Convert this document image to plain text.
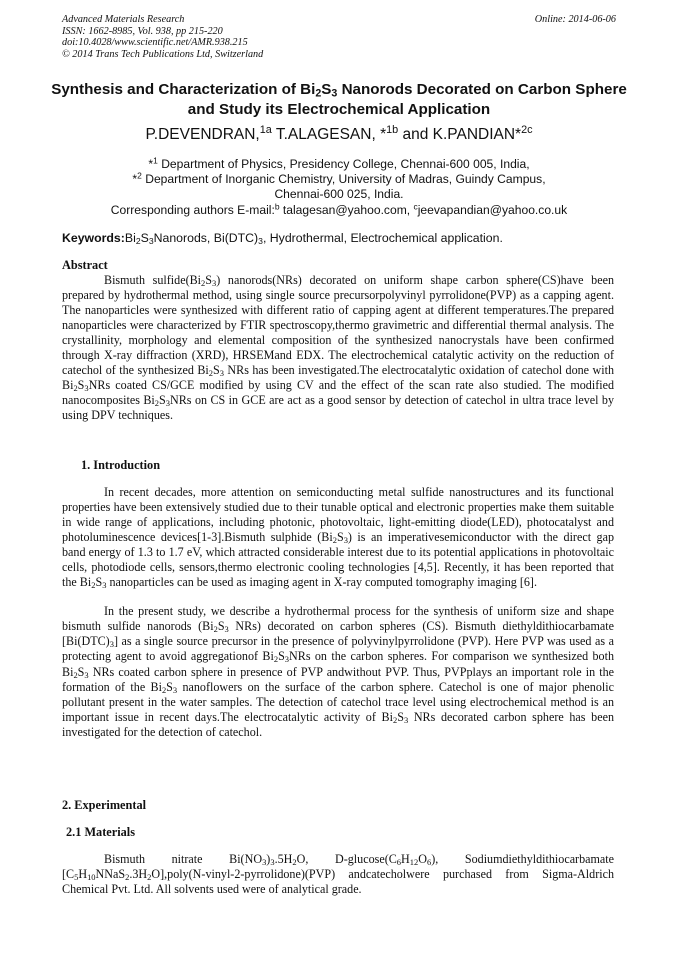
Advanced Materials Research
ISSN: 1662-8985, Vol. 938, pp 215-220
doi:10.4028/www.scientific.net/AMR.938.215
© 2014 Trans Tech Publications Ltd, Switzerland
Online: 2014-06-06
Synthesis and Characterization of $Bi_2S_3$ Nanorods Decorated on Carbon Sphere and Study its Electrochemical Application
P.DEVENDRAN,$^{1a}$ T.ALAGESAN, *$^{1b}$ and K.PANDIAN*$^{2c}$
*$^1$ Department of Physics, Presidency College, Chennai-600 005, India,
*$^2$ Department of Inorganic Chemistry, University of Madras, Guindy Campus,
Chennai-600 025, India.
Corresponding authors E-mail:$^b$ talagesan@yahoo.com, $^c$jeevapandian@yahoo.co.uk
$Keywords:Bi_2S_3Nanorods$, $Bi(DTC)_3$, Hydrothermal, Electrochemical application.
Abstract

Bismuth $sulfide(Bi_2S_3)$ nanorods(NRs) decorated on uniform shape carbon sphere(CS)have been prepared by hydrothermal method, using single source precursorpolyvinyl pyrrolidone(PVP) as a capping agent. The nanoparticles were synthesized with different ratio of capping agent at different temperatures.The prepared nanoparticles were characterized by FTIR spectroscopy,thermo gravimetric and differential thermal analysis. The crystallinity, morphology and elemental composition of the synthesized nanocrystals have been confirmed through X-ray diffraction (XRD), HRSEMand EDX. The electrochemical catalytic activity on the reduction of catechol of the synthesized $Bi_2S_3$ NRs has been investigated.The electrocatalytic oxidation of catechol done with $Bi_2S_3NRs$ coated CS/GCE modified by using CV and the effect of the scan rate also studied. The modified nanocomposites $Bi_2S_3NRs$ on CS in GCE are act as a good sensor by detection of catechol in ultra trace level by using DPV techniques.

1. Introduction

In recent decades, more attention on semiconducting metal sulfide nanostructures and its functional properties have been extensively studied due to their tunable optical and electronic properties make them suitable in wide range of applications, including photonic, photovoltaic, light-emitting diode(LED), photocatalyst and photoluminescence devices[1-3].Bismuth sulphide $(Bi_2S_3)$ is an imperativesemiconductor with the direct gap band energy of 1.3 to 1.7 eV, which attracted considerable interest due to its potential applications in photovoltaic cells, photodiode cells, sensors,thermo electronic cooling technologies [4,5]. Recently, it has been reported that the $Bi_2S_3$ nanoparticles can be used as imaging agent in X-ray computed tomography imaging [6].

In the present study, we describe a hydrothermal process for the synthesis of uniform size and shape bismuth sulfide nanorods ($Bi_2S_3$ NRs) decorated on carbon spheres (CS). Bismuth diethyldithiocarbamate $[Bi(DTC)_3]$ as a single source precursor in the presence of polyvinylpyrrolidone (PVP). Here PVP was used as a protecting agent to avoid aggregationof $Bi_2S_3NRs$ on the carbon spheres. For comparison we synthesized both $Bi_2S_3$ NRs coated carbon sphere in presence of PVP andwithout PVP. Thus, PVPplays an important role in the formation of the $Bi_2S_3$ nanoflowers on the surface of the carbon sphere. Catechol is one of major phenolic pollutant present in the water samples. The detection of catechol trace level using electrochemical method is an important issue in recent days.The electrocatalytic activity of $Bi_2S_3$ NRs decorated carbon sphere has been investigated for the detection of catechol.

2. Experimental
2.1 Materials

Bismuth nitrate $Bi(NO_3)_3.5H_2O$, $D-glucose(C_6H_{12}O_6)$, Sodiumdiethyldithiocarbamate $[C_5H_{10}NNaS_2.3H_2O],poly(N-vinyl-2-pyrrolidone)(PVP)$ andcatecholwere purchased from Sigma-Aldrich Chemical Pvt. Ltd. All solvents used were of analytical grade.
